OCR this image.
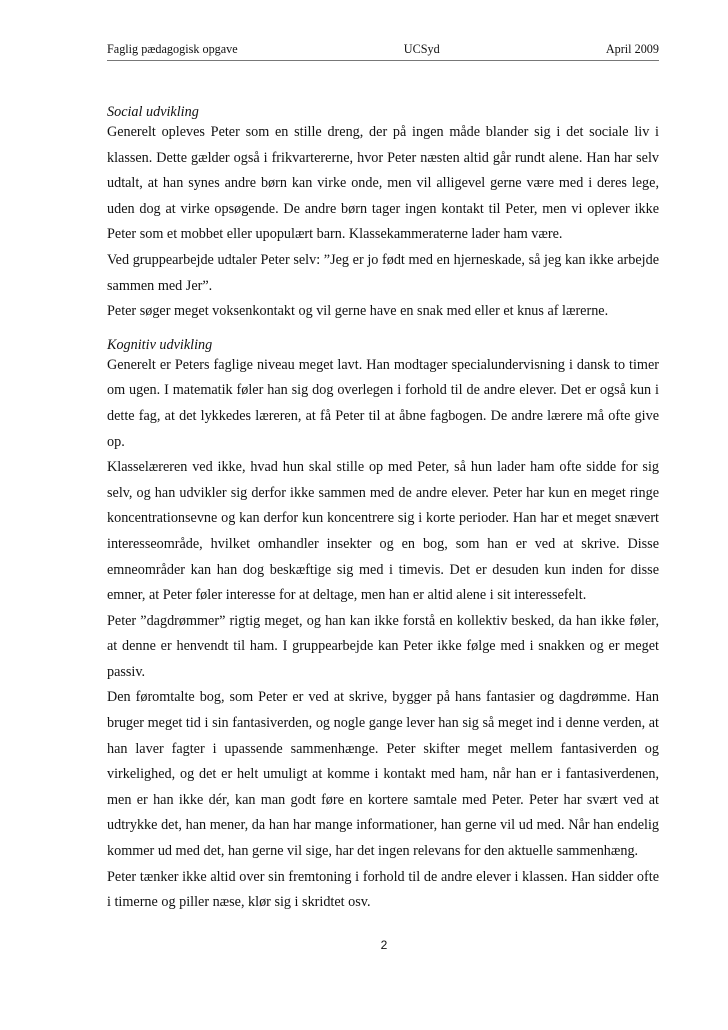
Faglig pædagogisk opgave	UCSyd	April 2009

Social udvikling

Generelt opleves Peter som en stille dreng, der på ingen måde blander sig i det sociale liv i klassen. Dette gælder også i frikvartererne, hvor Peter næsten altid går rundt alene. Han har selv udtalt, at han synes andre børn kan virke onde, men vil alligevel gerne være med i deres lege, uden dog at virke opsøgende. De andre børn tager ingen kontakt til Peter, men vi oplever ikke Peter som et mobbet eller upopulært barn. Klassekammeraterne lader ham være.

Ved gruppearbejde udtaler Peter selv: ”Jeg er jo født med en hjerneskade, så jeg kan ikke arbejde sammen med Jer”.

Peter søger meget voksenkontakt og vil gerne have en snak med eller et knus af lærerne.

Kognitiv udvikling

Generelt er Peters faglige niveau meget lavt. Han modtager specialundervisning i dansk to timer om ugen. I matematik føler han sig dog overlegen i forhold til de andre elever. Det er også kun i dette fag, at det lykkedes læreren, at få Peter til at åbne fagbogen. De andre lærere må ofte give op.

Klasselæreren ved ikke, hvad hun skal stille op med Peter, så hun lader ham ofte sidde for sig selv, og han udvikler sig derfor ikke sammen med de andre elever. Peter har kun en meget ringe koncentrationsevne og kan derfor kun koncentrere sig i korte perioder. Han har et meget snævert interesseområde, hvilket omhandler insekter og en bog, som han er ved at skrive. Disse emneområder kan han dog beskæftige sig med i timevis. Det er desuden kun inden for disse emner, at Peter føler interesse for at deltage, men han er altid alene i sit interessefelt.

Peter ”dagdrømmer” rigtig meget, og han kan ikke forstå en kollektiv besked, da han ikke føler, at denne er henvendt til ham. I gruppearbejde kan Peter ikke følge med i snakken og er meget passiv.

Den føromtalte bog, som Peter er ved at skrive, bygger på hans fantasier og dagdrømme. Han bruger meget tid i sin fantasiverden, og nogle gange lever han sig så meget ind i denne verden, at han laver fagter i upassende sammenhænge. Peter skifter meget mellem fantasiverden og virkelighed, og det er helt umuligt at komme i kontakt med ham, når han er i fantasiverdenen, men er han ikke dér, kan man godt føre en kortere samtale med Peter. Peter har svært ved at udtrykke det, han mener, da han har mange informationer, han gerne vil ud med. Når han endelig kommer ud med det, han gerne vil sige, har det ingen relevans for den aktuelle sammenhæng.

Peter tænker ikke altid over sin fremtoning i forhold til de andre elever i klassen. Han sidder ofte i timerne og piller næse, klør sig i skridtet osv.

2
